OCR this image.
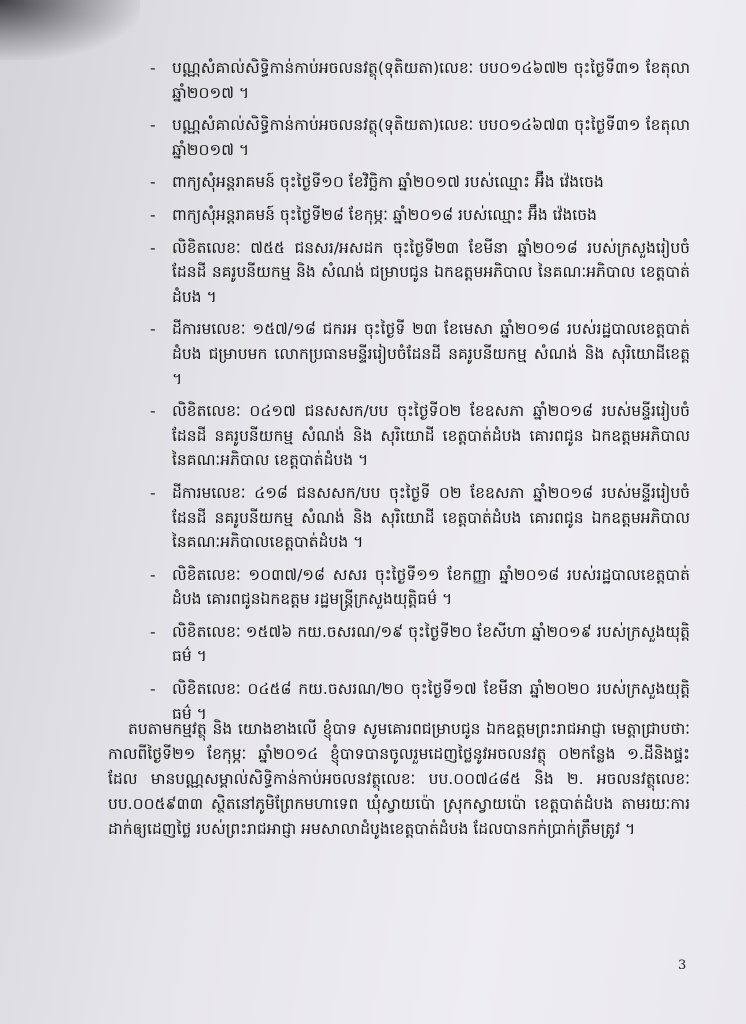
- បណ្ណសំគាល់សិទ្ធិកាន់កាប់អចលនវត្ថុ(ទុតិយតា)លេខៈ បប០១៤៦៧២ ចុះថ្ងៃទី៣១ ខែតុលា ឆ្នាំ២០១៧ ។
- បណ្ណសំគាល់សិទ្ធិកាន់កាប់អចលនវត្ថុ(ទុតិយតា)លេខៈ បប០១៤៦៧៣ ចុះថ្ងៃទី៣១ ខែតុលា ឆ្នាំ២០១៧ ។
- ពាក្យសុំអន្តរាគមន៍ ចុះថ្ងៃទី១០ ខែវិច្ឆិកា ឆ្នាំ២០១៧ របស់ឈ្មោះ អ៊ឹង វ៉េងចេង
- ពាក្យសុំអន្តរាគមន៍ ចុះថ្ងៃទី២៨ ខែកុម្ភៈ ឆ្នាំ២០១៨ របស់ឈ្មោះ អ៊ឹង វ៉េងចេង
- លិខិតលេខៈ ៧៥៥ ជនសរ/អសដក ចុះថ្ងៃទី២៣ ខែមីនា ឆ្នាំ២០១៨ របស់ក្រសួងរៀបចំដែនដី នគរូបនីយកម្ម និង សំណង់ ជម្រាបជូន ឯកឧត្តមអភិបាល នៃគណៈអភិបាល ខេត្តបាត់ដំបង ។
- ដីការមលេខៈ ១៥៧/១៨ ជករអ ចុះថ្ងៃទី ២៣ ខែមេសា ឆ្នាំ២០១៨ របស់រដ្ឋបាលខេត្តបាត់ដំបង ជម្រាបមក លោកប្រធានមន្ទីររៀបចំដែនដី នគរូបនីយកម្ម សំណង់ និង សុរិយោដីខេត្ត ។
- លិខិតលេខៈ ០៤១៧ ជនសសក/បប ចុះថ្ងៃទី០២ ខែឧសភា ឆ្នាំ២០១៨ របស់មន្ទីររៀបចំដែនដី នគរូបនីយកម្ម សំណង់ និង សុរិយោដី ខេត្តបាត់ដំបង គោរពជូន ឯកឧត្តមអភិបាលនៃគណៈអភិបាល ខេត្តបាត់ដំបង ។
- ដីការមលេខៈ ៤១៨ ជនសសក/បប ចុះថ្ងៃទី ០២ ខែឧសភា ឆ្នាំ២០១៨ របស់មន្ទីររៀបចំដែនដី នគរូបនីយកម្ម សំណង់ និង សុរិយោដី ខេត្តបាត់ដំបង គោរពជូន ឯកឧត្តមអភិបាលនៃគណៈអភិបាលខេត្តបាត់ដំបង ។
- លិខិតលេខៈ ១០៣៧/១៨ សសរ ចុះថ្ងៃទី១១ ខែកញ្ញា ឆ្នាំ២០១៨ របស់រដ្ឋបាលខេត្តបាត់ដំបង គោរពជូនឯកឧត្តម រដ្ឋមន្ត្រីក្រសួងយុត្តិធម៌ ។
- លិខិតលេខៈ ១៥៧៦ កយ.ចសរណ/១៩ ចុះថ្ងៃទី២០ ខែសីហា ឆ្នាំ២០១៩ របស់ក្រសួងយុត្តិធម៌ ។
- លិខិតលេខៈ ០៤៥៨ កយ.ចសរណ/២០ ចុះថ្ងៃទី១៧ ខែមីនា ឆ្នាំ២០២០ របស់ក្រសួងយុត្តិធម៌ ។
តបតាមកម្មវត្ថុ និង យោងខាងលើ ខ្ញុំបាទ សូមគោរពជម្រាបជូន ឯកឧត្តមព្រះរាជអាជ្ញា មេត្តាជ្រាបថាៈ កាលពីថ្ងៃទី២១ ខែកុម្ភៈ ឆ្នាំ២០១៤ ខ្ញុំបាទបានចូលរួមដេញថ្លៃនូវអចលនវត្ថុ ០២កន្លែង ១.ដីនិងផ្ទះ ដែល មានបណ្ណសម្គាល់សិទ្ធិកាន់កាប់អចលនវត្ថុលេខៈ បប.០០៧៤៨៥ និង ២. អចលនវត្ថុលេខៈ បប.០០៥៩៣៣ ស្ថិតនៅភូមិព្រែកមហាទេព ឃុំស្វាយប៉ោ ស្រុកស្វាយប៉ោ ខេត្តបាត់ដំបង តាមរយៈការដាក់ឲ្យដេញថ្លៃ របស់ព្រះរាជអាជ្ញា អមសាលាដំបូងខេត្តបាត់ដំបង ដែលបានកក់ប្រាក់ត្រឹមត្រូវ ។
3
